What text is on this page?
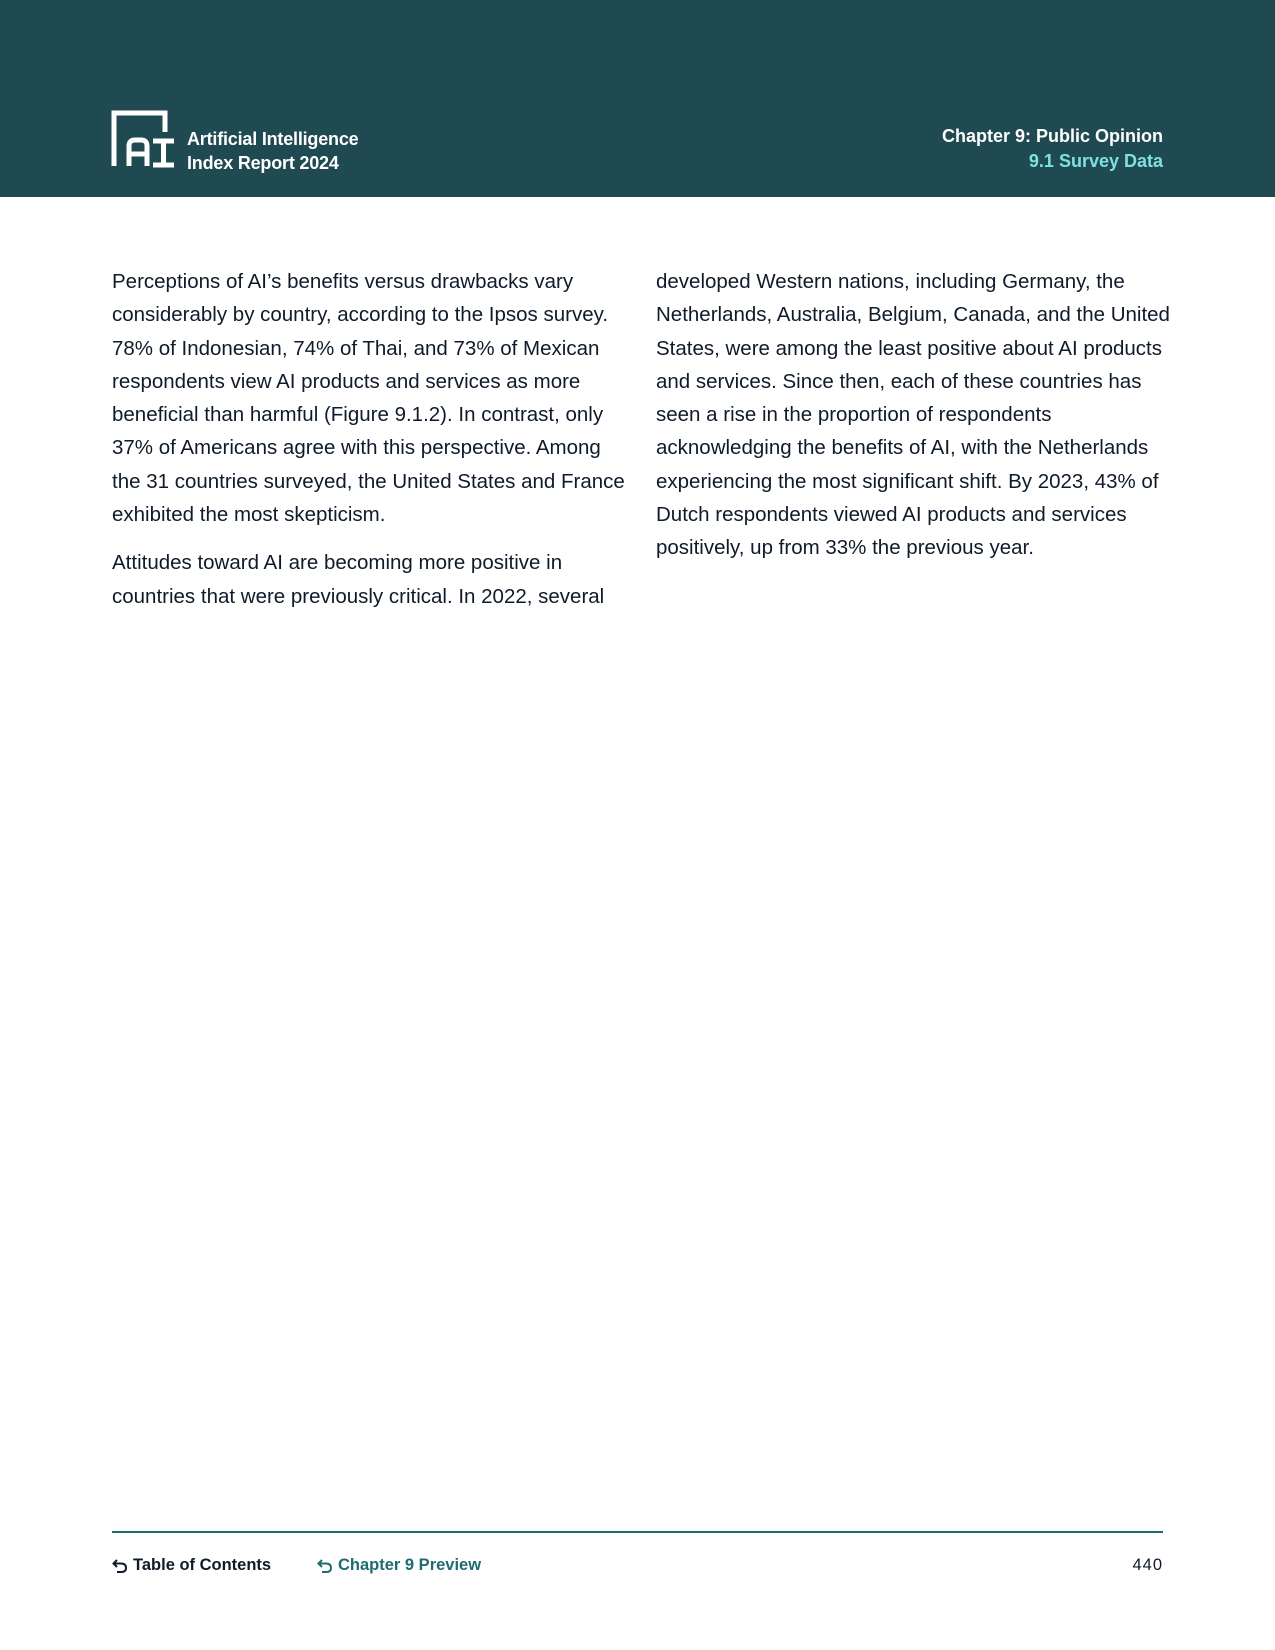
Artificial Intelligence
Index Report 2024
Chapter 9: Public Opinion
9.1 Survey Data

Perceptions of AI’s benefits versus drawbacks vary considerably by country, according to the Ipsos survey. 78% of Indonesian, 74% of Thai, and 73% of Mexican respondents view AI products and services as more beneficial than harmful (Figure 9.1.2). In contrast, only 37% of Americans agree with this perspective. Among the 31 countries surveyed, the United States and France exhibited the most skepticism.

Attitudes toward AI are becoming more positive in countries that were previously critical. In 2022, several

developed Western nations, including Germany, the Netherlands, Australia, Belgium, Canada, and the United States, were among the least positive about AI products and services. Since then, each of these countries has seen a rise in the proportion of respondents acknowledging the benefits of AI, with the Netherlands experiencing the most significant shift. By 2023, 43% of Dutch respondents viewed AI products and services positively, up from 33% the previous year.

Table of Contents	Chapter 9 Preview	440
